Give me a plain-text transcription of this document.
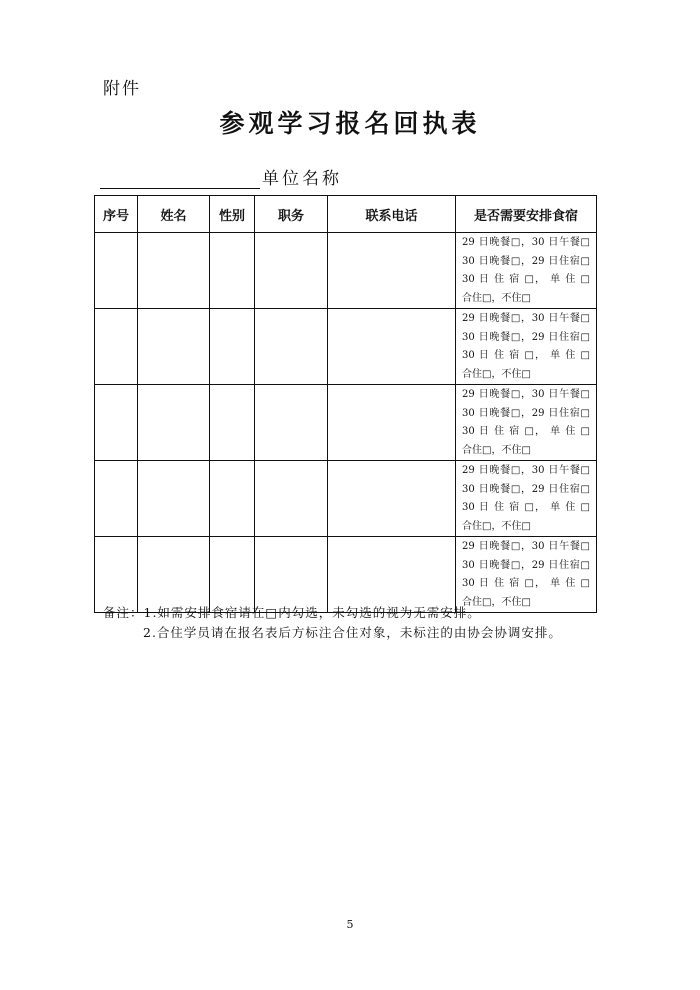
附件
参观学习报名回执表
单位名称
序号	姓名	性别	职务	联系电话	是否需要安排食宿

					29 日晚餐□，30 日午餐□
30 日晚餐□，29 日住宿□
30 日 住 宿 □， 单 住 □
合住□，不住□

					29 日晚餐□，30 日午餐□
30 日晚餐□，29 日住宿□
30 日 住 宿 □， 单 住 □
合住□，不住□

					29 日晚餐□，30 日午餐□
30 日晚餐□，29 日住宿□
30 日 住 宿 □， 单 住 □
合住□，不住□

					29 日晚餐□，30 日午餐□
30 日晚餐□，29 日住宿□
30 日 住 宿 □， 单 住 □
合住□，不住□

					29 日晚餐□，30 日午餐□
30 日晚餐□，29 日住宿□
30 日 住 宿 □， 单 住 □
合住□，不住□
备注：1.如需安排食宿请在□内勾选，未勾选的视为无需安排。
2.合住学员请在报名表后方标注合住对象，未标注的由协会协调安排。
5
